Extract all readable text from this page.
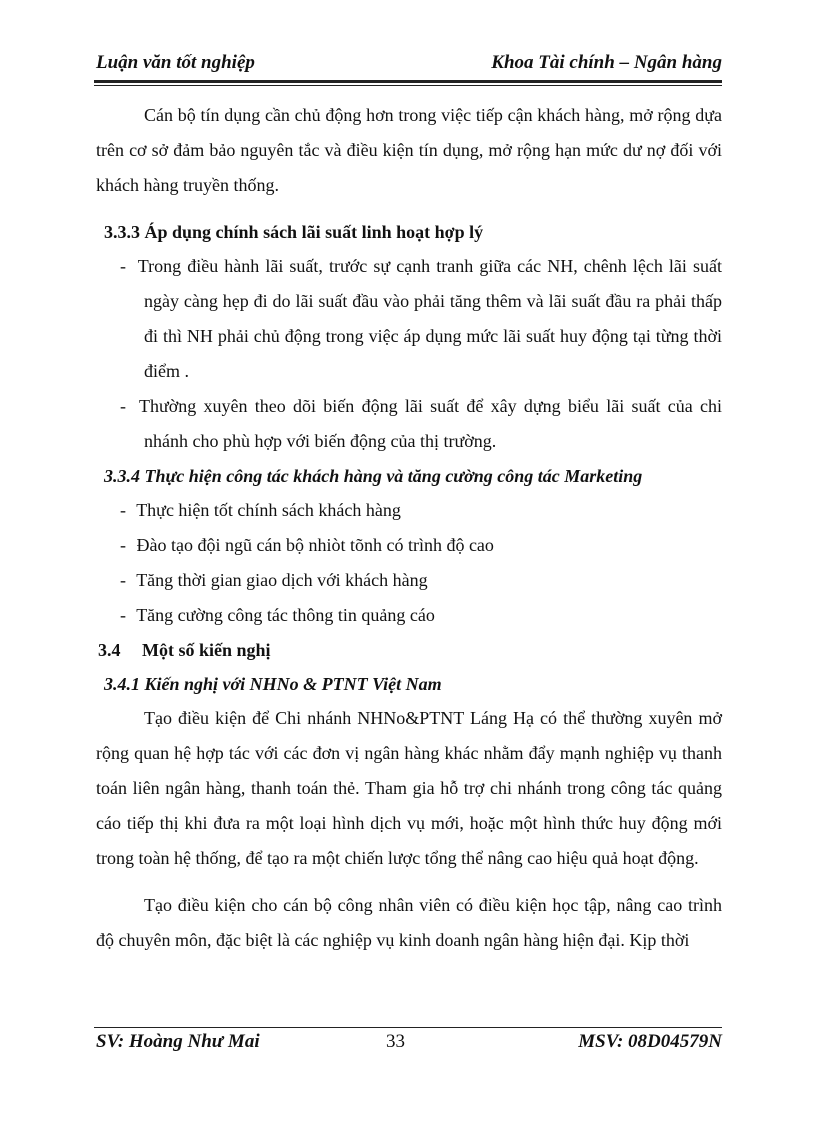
Luận văn tốt nghiệp	Khoa Tài chính – Ngân hàng

Cán bộ tín dụng cần chủ động hơn trong việc tiếp cận khách hàng, mở rộng dựa trên cơ sở đảm bảo nguyên tắc và điều kiện tín dụng, mở rộng hạn mức dư nợ đối với khách hàng truyền thống.

3.3.3 Áp dụng chính sách lãi suất linh hoạt hợp lý

- Trong điều hành lãi suất, trước sự cạnh tranh giữa các NH, chênh lệch lãi suất ngày càng hẹp đi do lãi suất đầu vào phải tăng thêm và lãi suất đầu ra phải thấp đi thì NH phải chủ động trong việc áp dụng mức lãi suất huy động tại từng thời điểm .

- Thường xuyên theo dõi biến động lãi suất để xây dựng biểu lãi suất của chi nhánh cho phù hợp với biến động của thị trường.

3.3.4 Thực hiện công tác khách hàng và tăng cường công tác Marketing

- Thực hiện tốt chính sách khách hàng

- Đào tạo đội ngũ cán bộ nhiòt tõnh có trình độ cao

- Tăng thời gian giao dịch với khách hàng

- Tăng cường công tác thông tin quảng cáo

3.4 Một số kiến nghị

3.4.1 Kiến nghị với NHNo & PTNT Việt Nam

Tạo điều kiện để Chi nhánh NHNo&PTNT Láng Hạ có thể thường xuyên mở rộng quan hệ hợp tác với các đơn vị ngân hàng khác nhằm đẩy mạnh nghiệp vụ thanh toán liên ngân hàng, thanh toán thẻ. Tham gia hỗ trợ chi nhánh trong công tác quảng cáo tiếp thị khi đưa ra một loại hình dịch vụ mới, hoặc một hình thức huy động mới trong toàn hệ thống, để tạo ra một chiến lược tổng thể nâng cao hiệu quả hoạt động.

Tạo điều kiện cho cán bộ công nhân viên có điều kiện học tập, nâng cao trình độ chuyên môn, đặc biệt là các nghiệp vụ kinh doanh ngân hàng hiện đại. Kịp thời

SV: Hoàng Như Mai	33	MSV: 08D04579N
